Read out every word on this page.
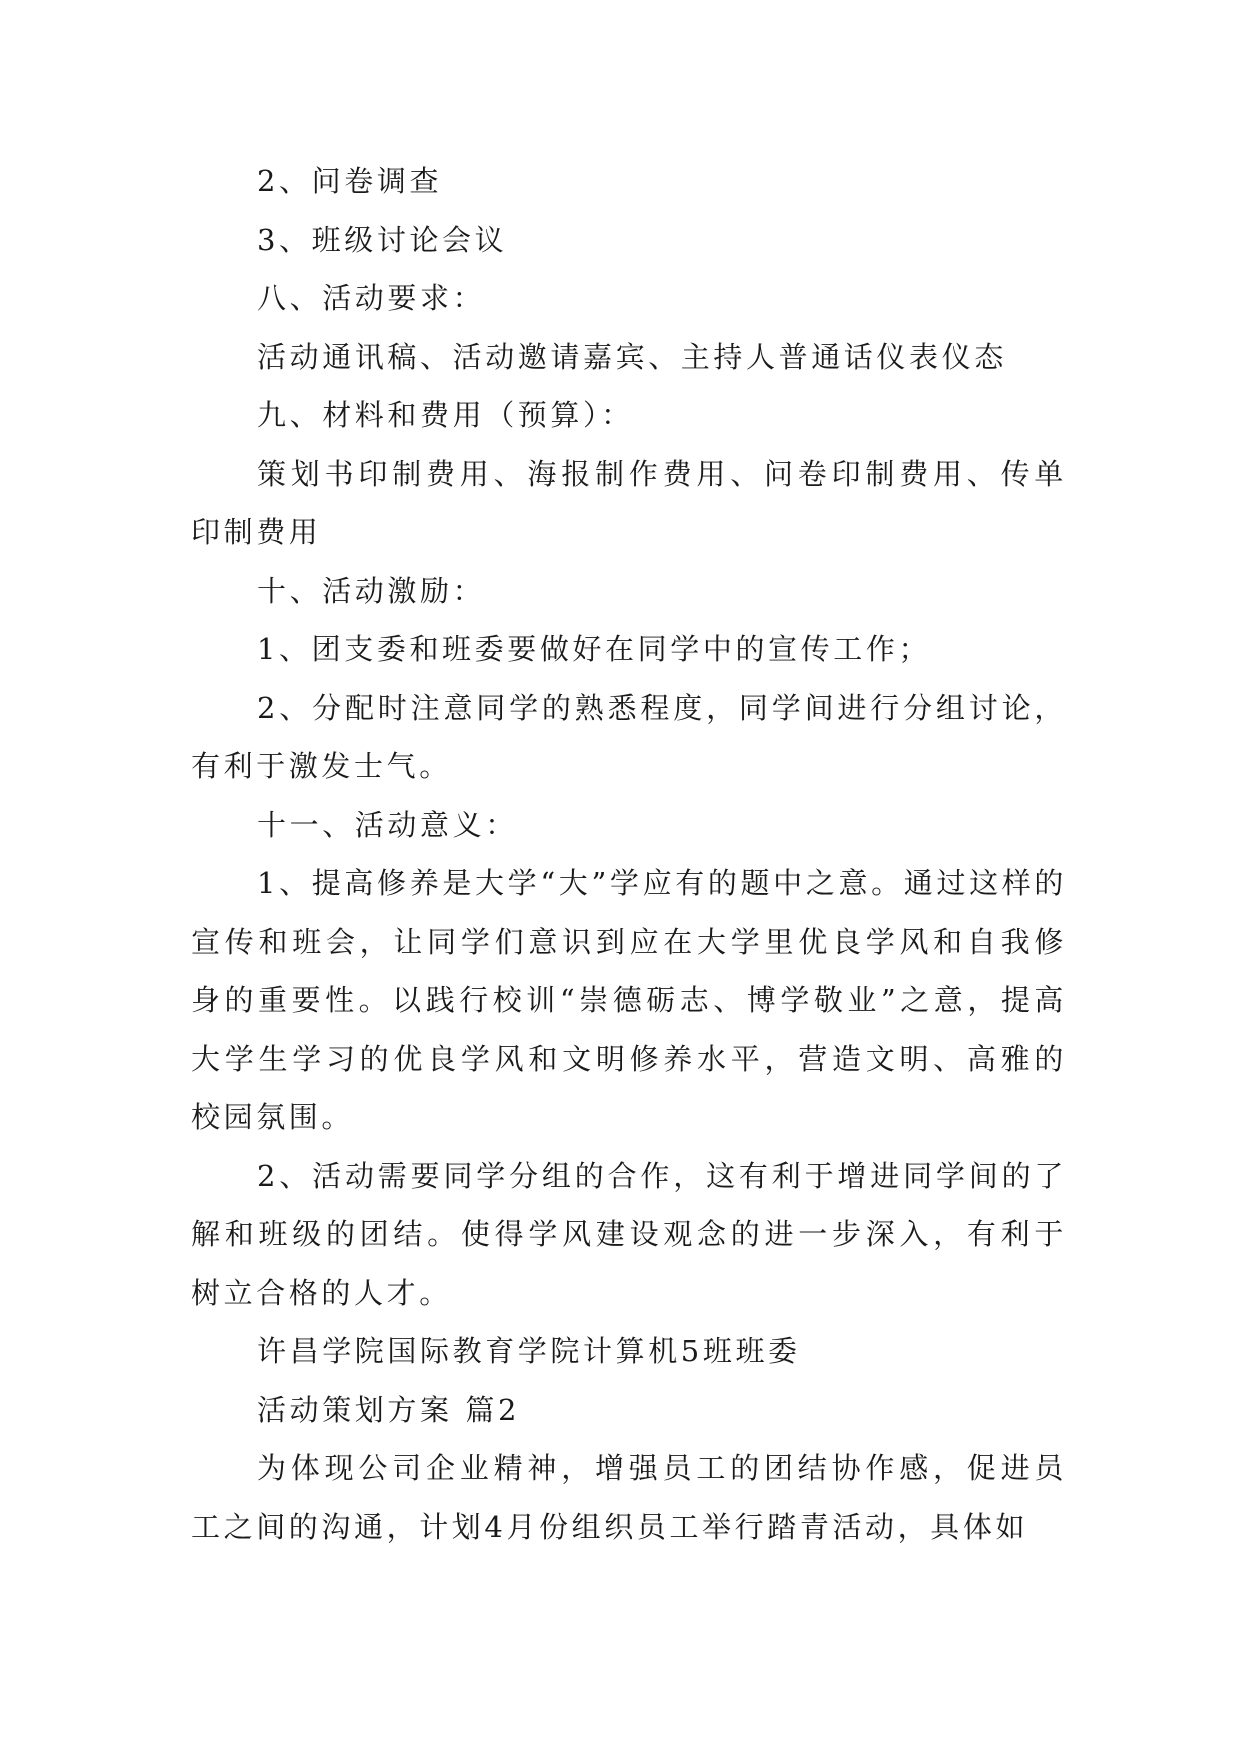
2、问卷调查

3、班级讨论会议

八、活动要求：

活动通讯稿、活动邀请嘉宾、主持人普通话仪表仪态

九、材料和费用（预算）：

策划书印制费用、海报制作费用、问卷印制费用、传单印制费用

十、活动激励：

1、团支委和班委要做好在同学中的宣传工作；

2、分配时注意同学的熟悉程度，同学间进行分组讨论，有利于激发士气。

十一、活动意义：

1、提高修养是大学“大”学应有的题中之意。通过这样的宣传和班会，让同学们意识到应在大学里优良学风和自我修身的重要性。以践行校训“崇德砺志、博学敬业”之意，提高大学生学习的优良学风和文明修养水平，营造文明、高雅的校园氛围。

2、活动需要同学分组的合作，这有利于增进同学间的了解和班级的团结。使得学风建设观念的进一步深入，有利于树立合格的人才。

许昌学院国际教育学院计算机5班班委

活动策划方案 篇2

为体现公司企业精神，增强员工的团结协作感，促进员工之间的沟通，计划4月份组织员工举行踏青活动，具体如
